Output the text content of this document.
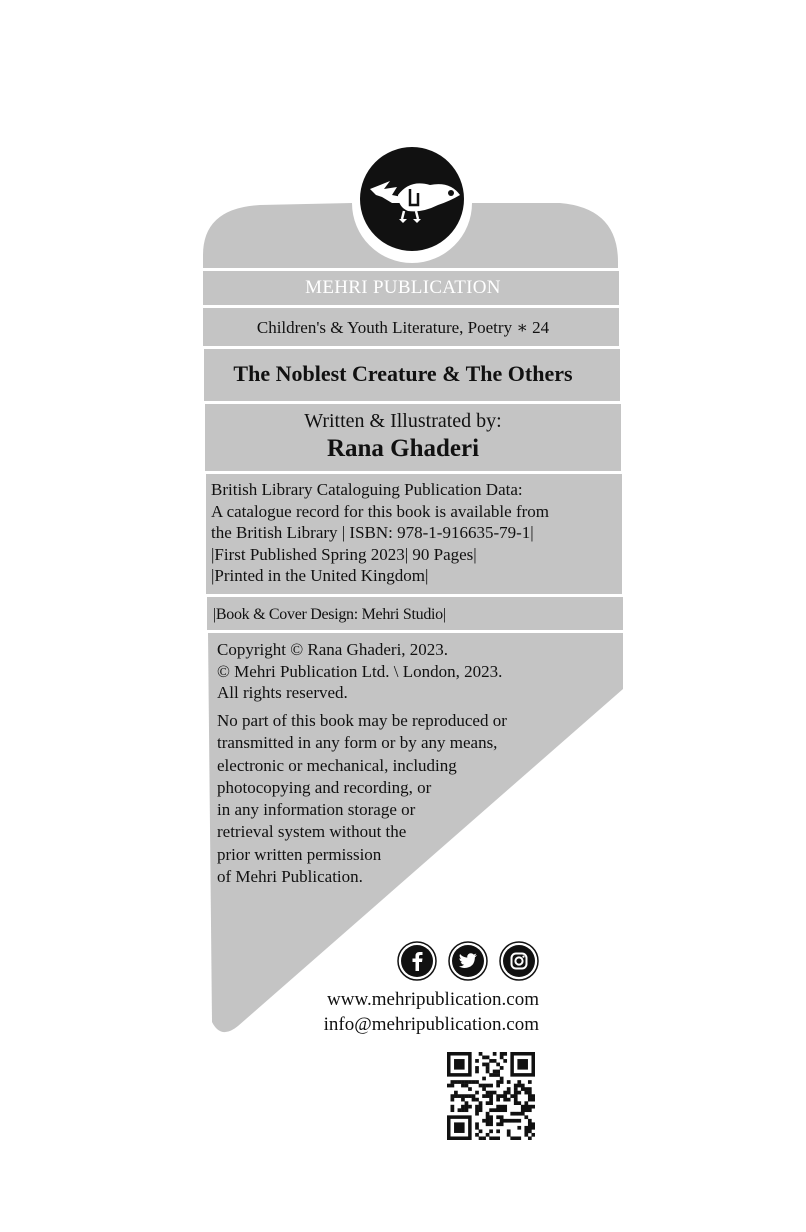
MEHRI PUBLICATION
Children's & Youth Literature, Poetry ∗ 24
The Noblest Creature & The Others
Written & Illustrated by:
Rana Ghaderi
British Library Cataloguing Publication Data:
A catalogue record for this book is available from
the British Library | ISBN: 978-1-916635-79-1|
|First Published Spring 2023| 90 Pages|
|Printed in the United Kingdom|
|Book & Cover Design: Mehri Studio|
Copyright © Rana Ghaderi, 2023.
© Mehri Publication Ltd. \ London, 2023.
All rights reserved.
No part of this book may be reproduced or
transmitted in any form or by any means,
electronic or mechanical, including
photocopying and recording, or
in any information storage or
retrieval system without the
prior written permission
of Mehri Publication.
www.mehripublication.com
info@mehripublication.com
